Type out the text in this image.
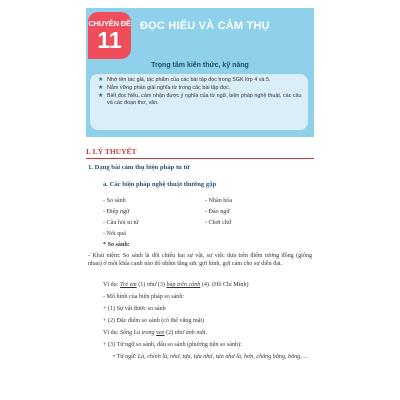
CHUYÊN ĐỀ
11
ĐỌC HIỂU VÀ CẢM THỤ
Trọng tâm kiến thức, kỹ năng
★ Nhớ tên tác giả, tác phẩm của các bài tập đọc trong SGK lớp 4 và 5.
★ Nắm vững phần giải nghĩa từ trong các bài tập đọc.
★ Biết đọc hiểu, cảm nhận được ý nghĩa của từ ngữ, biện pháp nghệ thuật, các câu và các đoạn thơ, văn.
I. LÝ THUYẾT
1. Dạng bài cảm thụ biện pháp tu từ
a. Các biện pháp nghệ thuật thường gặp
- So sánh
- Điệp ngữ
- Câu hỏi tu từ
- Nói quá
- Nhân hóa
- Đảo ngữ
- Chơi chữ
* So sánh:
- Khái niệm: So sánh là đối chiếu hai sự vật, sự việc dựa trên điểm tương đồng (giống nhau) ở một khía cạnh nào đó nhằm tăng sức gợi hình, gợi cảm cho sự diễn đạt.
Ví dụ: Trẻ em (1) như (3) búp trên cành (4). (Hồ Chí Minh)
- Mô hình của biện pháp so sánh:
+ (1) Sự vật được so sánh
+ (2) Đặc điểm so sánh (có thể vắng mặt)
Ví dụ: Sông La trong veo (2) như ánh mắt.
+ (3) Từ ngữ so sánh, dấu so sánh (phương tiện so sánh):
• Từ ngữ: Là, chính là, như, tựa, tựa như, tựa như là, hơn, chẳng bằng, bằng, ...
